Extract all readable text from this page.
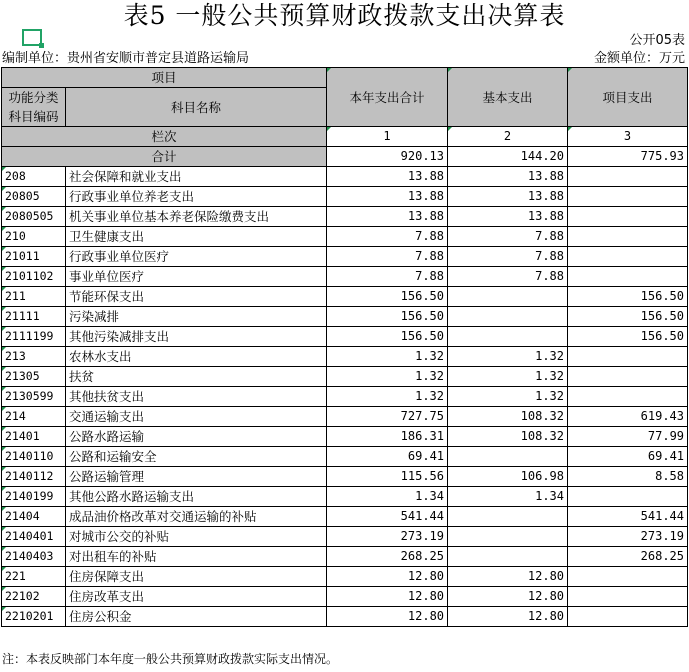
表5 一般公共预算财政拨款支出决算表
公开05表
编制单位：贵州省安顺市普定县道路运输局	金额单位：万元
项目		本年支出合计	基本支出	项目支出

功能分类
科目编码	科目名称			

栏次		1	2	3
合计		920.13	144.20	775.93
208	社会保障和就业支出	13.88	13.88	
20805	行政事业单位养老支出	13.88	13.88	
2080505	机关事业单位基本养老保险缴费支出	13.88	13.88	
210	卫生健康支出	7.88	7.88	
21011	行政事业单位医疗	7.88	7.88	
2101102	事业单位医疗	7.88	7.88	
211	节能环保支出	156.50		156.50
21111	污染减排	156.50		156.50
2111199	其他污染减排支出	156.50		156.50
213	农林水支出	1.32	1.32	
21305	扶贫	1.32	1.32	
2130599	其他扶贫支出	1.32	1.32	
214	交通运输支出	727.75	108.32	619.43
21401	公路水路运输	186.31	108.32	77.99
2140110	公路和运输安全	69.41		69.41
2140112	公路运输管理	115.56	106.98	8.58
2140199	其他公路水路运输支出	1.34	1.34	
21404	成品油价格改革对交通运输的补贴	541.44		541.44
2140401	对城市公交的补贴	273.19		273.19
2140403	对出租车的补贴	268.25		268.25
221	住房保障支出	12.80	12.80	
22102	住房改革支出	12.80	12.80	
2210201	住房公积金	12.80	12.80	
注：本表反映部门本年度一般公共预算财政拨款实际支出情况。
